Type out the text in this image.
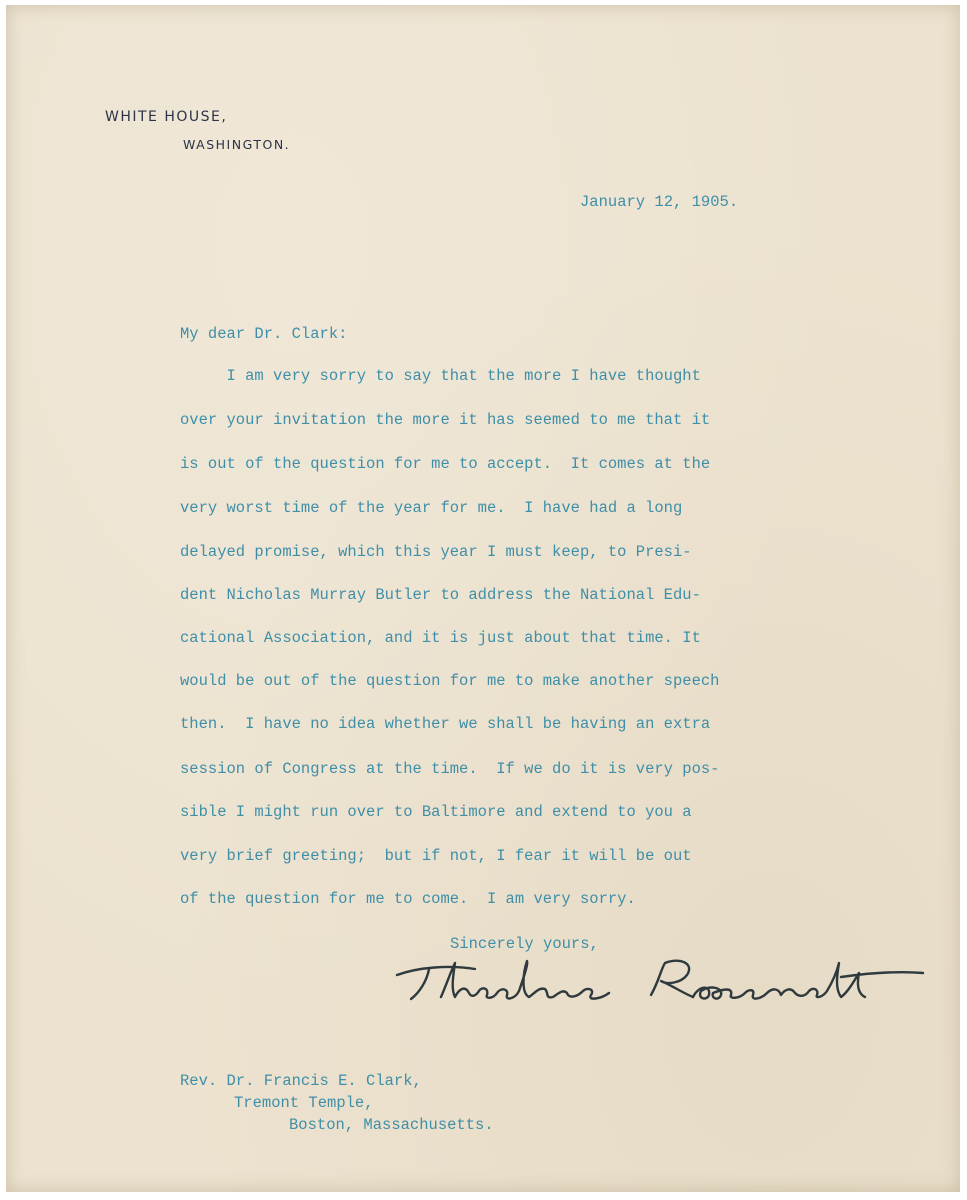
WHITE HOUSE,
WASHINGTON.
January 12, 1905.
My dear Dr. Clark:
I am very sorry to say that the more I have thought
over your invitation the more it has seemed to me that it
is out of the question for me to accept.  It comes at the
very worst time of the year for me.  I have had a long
delayed promise, which this year I must keep, to Presi-
dent Nicholas Murray Butler to address the National Edu-
cational Association, and it is just about that time. It
would be out of the question for me to make another speech
then.  I have no idea whether we shall be having an extra
session of Congress at the time.  If we do it is very pos-
sible I might run over to Baltimore and extend to you a
very brief greeting;  but if not, I fear it will be out
of the question for me to come.  I am very sorry.
Sincerely yours,
Rev. Dr. Francis E. Clark,
Tremont Temple,
Boston, Massachusetts.
